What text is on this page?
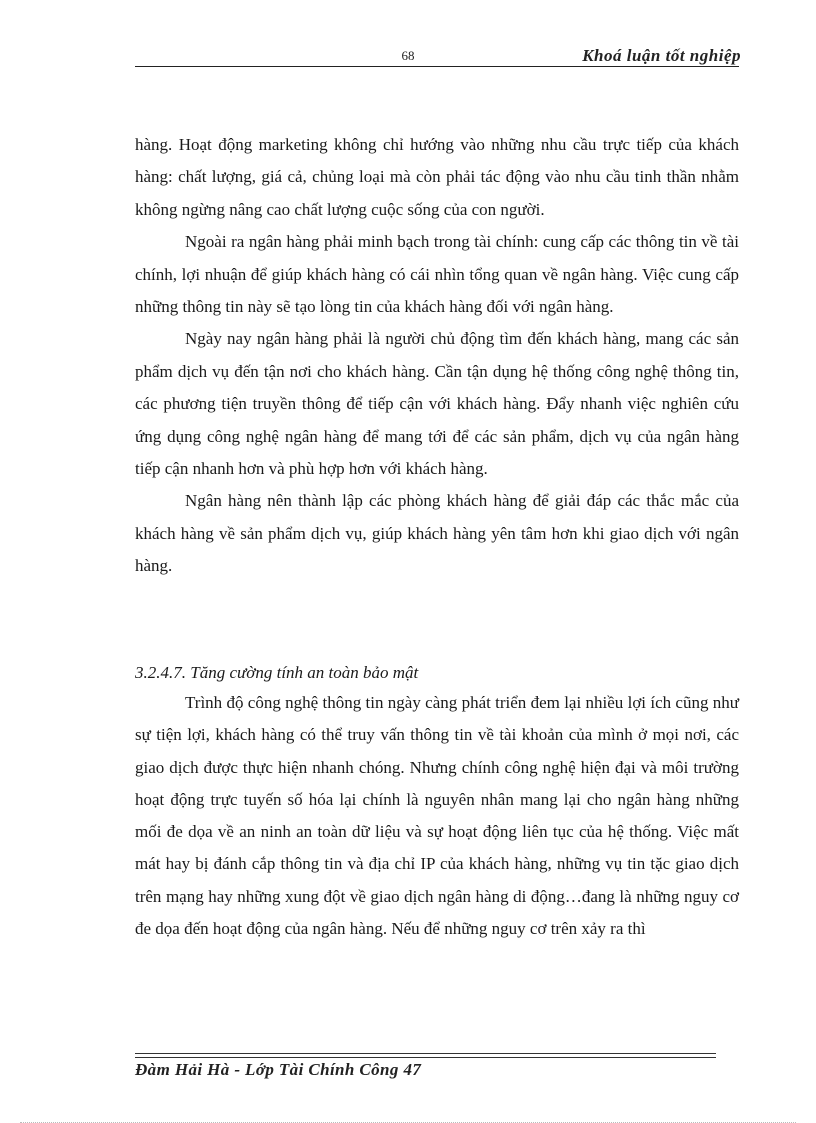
68	Khoá luận tốt nghiệp

hàng. Hoạt động marketing không chỉ hướng vào những nhu cầu trực tiếp của khách hàng: chất lượng, giá cả, chủng loại mà còn phải tác động vào nhu cầu tinh thần nhằm không ngừng nâng cao chất lượng cuộc sống của con người.

Ngoài ra ngân hàng phải minh bạch trong tài chính: cung cấp các thông tin về tài chính, lợi nhuận để giúp khách hàng có cái nhìn tổng quan về ngân hàng. Việc cung cấp những thông tin này sẽ tạo lòng tin của khách hàng đối với ngân hàng.

Ngày nay ngân hàng phải là người chủ động tìm đến khách hàng, mang các sản phẩm dịch vụ đến tận nơi cho khách hàng. Cần tận dụng hệ thống công nghệ thông tin, các phương tiện truyền thông để tiếp cận với khách hàng. Đẩy nhanh việc nghiên cứu ứng dụng công nghệ ngân hàng để mang tới để các sản phẩm, dịch vụ của ngân hàng tiếp cận nhanh hơn và phù hợp hơn với khách hàng.

Ngân hàng nên thành lập các phòng khách hàng để giải đáp các thắc mắc của khách hàng về sản phẩm dịch vụ, giúp khách hàng yên tâm hơn khi giao dịch với ngân hàng.

3.2.4.7. Tăng cường tính an toàn bảo mật

Trình độ công nghệ thông tin ngày càng phát triển đem lại nhiều lợi ích cũng như sự tiện lợi, khách hàng có thể truy vấn thông tin về tài khoản của mình ở mọi nơi, các giao dịch được thực hiện nhanh chóng. Nhưng chính công nghệ hiện đại và môi trường hoạt động trực tuyến số hóa lại chính là nguyên nhân mang lại cho ngân hàng những mối đe dọa về an ninh an toàn dữ liệu và sự hoạt động liên tục của hệ thống. Việc mất mát hay bị đánh cắp thông tin và địa chỉ IP của khách hàng, những vụ tin tặc giao dịch trên mạng hay những xung đột về giao dịch ngân hàng di động…đang là những nguy cơ đe dọa đến hoạt động của ngân hàng. Nếu để những nguy cơ trên xảy ra thì

Đàm Hải Hà - Lớp Tài Chính Công 47
